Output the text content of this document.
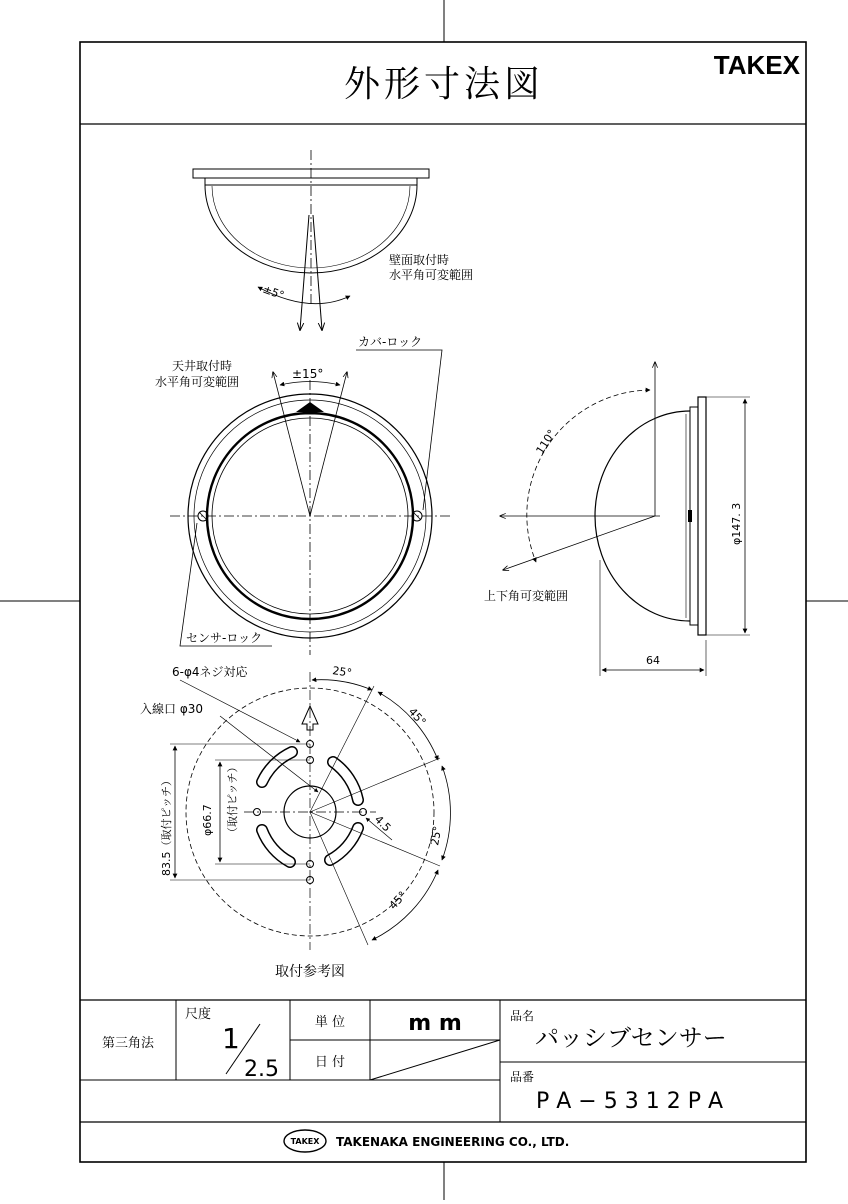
外形寸法図	TAKEX
壁面取付時
水平角可変範囲
±5°
天井取付時
水平角可変範囲
±15°
カバ-ロック
センサ-ロック
110°
φ147. 3
64
上下角可変範囲
6-φ4ネジ対応
入線口 φ30
25°
45°
25°
45°
4.5
83.5（取付ピッチ）	φ66.7 （取付ピッチ）
取付参考図
第三角法
尺度
1
2.5
単 位	m m
日 付
品名
パッシブセンサー
品番
P A − 5 3 1 2 P A
TAKEX TAKENAKA ENGINEERING CO., LTD.
